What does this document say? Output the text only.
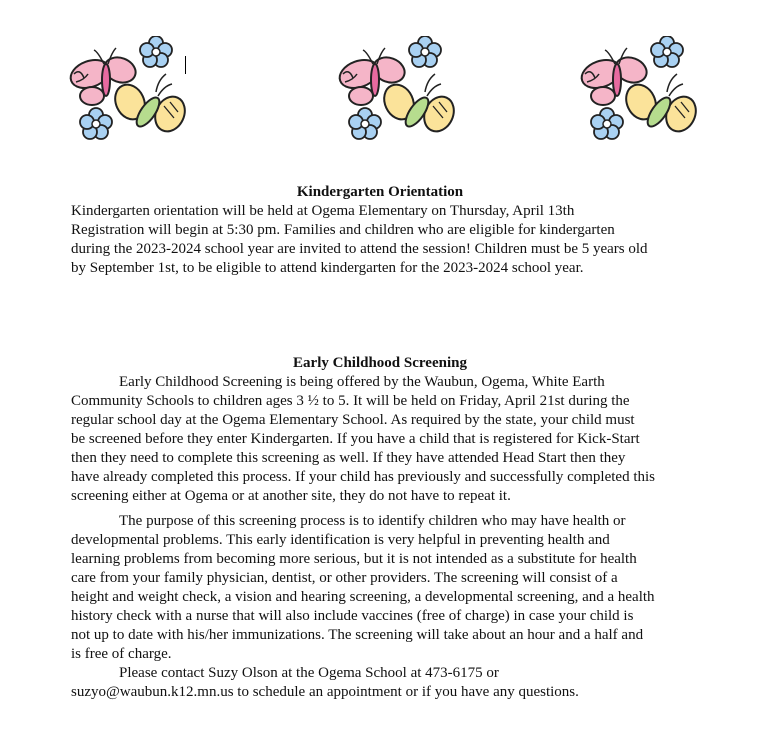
Kindergarten Orientation
Kindergarten orientation will be held at Ogema Elementary on Thursday, April 13th
Registration will begin at 5:30 pm. Families and children who are eligible for kindergarten
during the 2023-2024 school year are invited to attend the session! Children must be 5 years old
by September 1st, to be eligible to attend kindergarten for the 2023-2024 school year.
Early Childhood Screening
Early Childhood Screening is being offered by the Waubun, Ogema, White Earth
Community Schools to children ages 3 ½ to 5. It will be held on Friday, April 21st during the
regular school day at the Ogema Elementary School. As required by the state, your child must
be screened before they enter Kindergarten. If you have a child that is registered for Kick-Start
then they need to complete this screening as well. If they have attended Head Start then they
have already completed this process. If your child has previously and successfully completed this
screening either at Ogema or at another site, they do not have to repeat it.
The purpose of this screening process is to identify children who may have health or
developmental problems. This early identification is very helpful in preventing health and
learning problems from becoming more serious, but it is not intended as a substitute for health
care from your family physician, dentist, or other providers. The screening will consist of a
height and weight check, a vision and hearing screening, a developmental screening, and a health
history check with a nurse that will also include vaccines (free of charge) in case your child is
not up to date with his/her immunizations. The screening will take about an hour and a half and
is free of charge.
Please contact Suzy Olson at the Ogema School at 473-6175 or
suzyo@waubun.k12.mn.us to schedule an appointment or if you have any questions.
